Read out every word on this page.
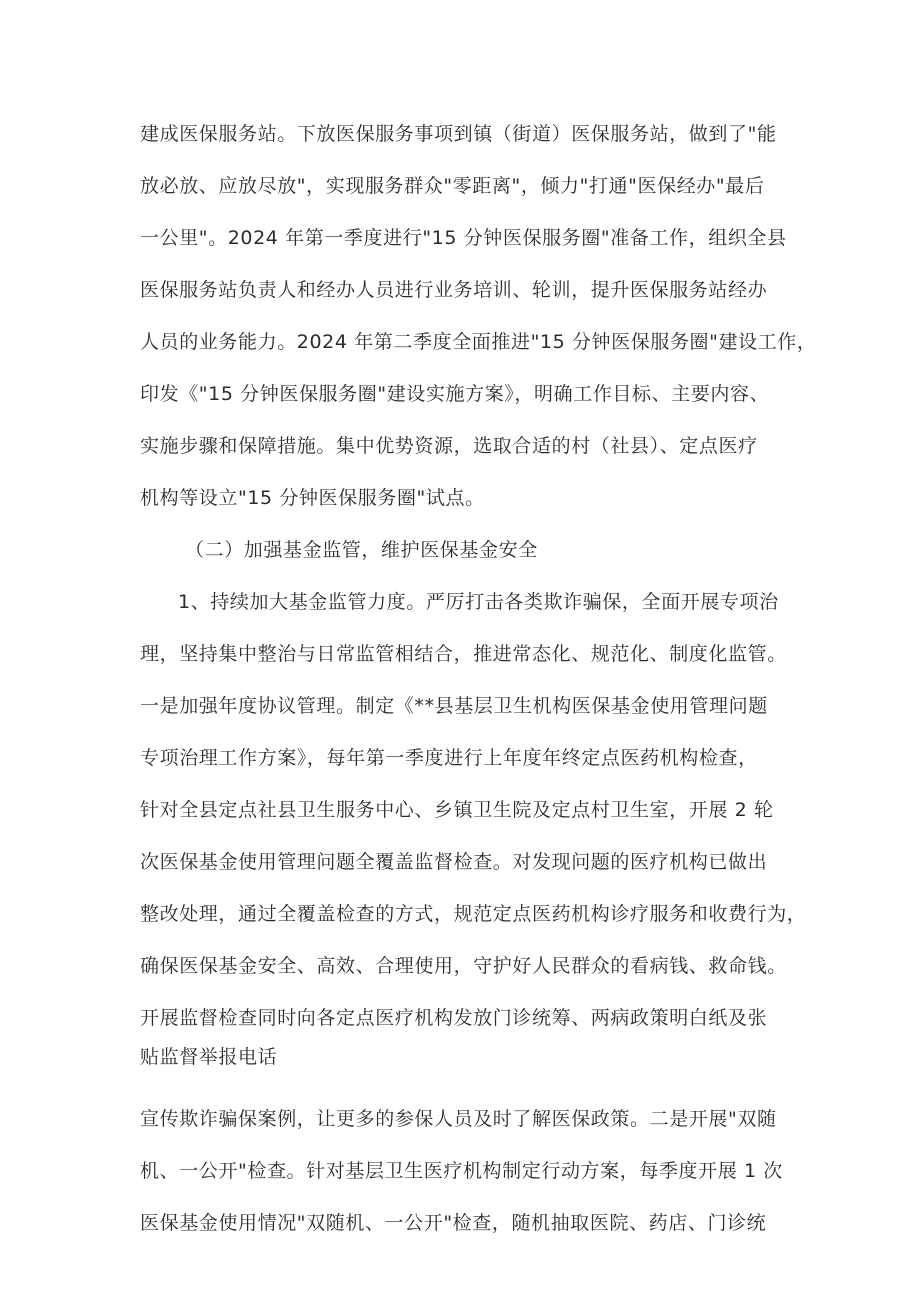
建成医保服务站。下放医保服务事项到镇（街道）医保服务站，做到了"能
放必放、应放尽放"，实现服务群众"零距离"，倾力"打通"医保经办"最后
一公里"。2024 年第一季度进行"15 分钟医保服务圈"准备工作，组织全县
医保服务站负责人和经办人员进行业务培训、轮训，提升医保服务站经办
人员的业务能力。2024 年第二季度全面推进"15 分钟医保服务圈"建设工作，
印发《"15 分钟医保服务圈"建设实施方案》，明确工作目标、主要内容、
实施步骤和保障措施。集中优势资源，选取合适的村（社县）、定点医疗
机构等设立"15 分钟医保服务圈"试点。
（二）加强基金监管，维护医保基金安全
1、持续加大基金监管力度。严厉打击各类欺诈骗保，全面开展专项治
理，坚持集中整治与日常监管相结合，推进常态化、规范化、制度化监管。
一是加强年度协议管理。制定《**县基层卫生机构医保基金使用管理问题
专项治理工作方案》，每年第一季度进行上年度年终定点医药机构检查，
针对全县定点社县卫生服务中心、乡镇卫生院及定点村卫生室，开展 2 轮
次医保基金使用管理问题全覆盖监督检查。对发现问题的医疗机构已做出
整改处理，通过全覆盖检查的方式，规范定点医药机构诊疗服务和收费行为，
确保医保基金安全、高效、合理使用，守护好人民群众的看病钱、救命钱。
开展监督检查同时向各定点医疗机构发放门诊统筹、两病政策明白纸及张
贴监督举报电话
宣传欺诈骗保案例，让更多的参保人员及时了解医保政策。二是开展"双随
机、一公开"检查。针对基层卫生医疗机构制定行动方案，每季度开展 1 次
医保基金使用情况"双随机、一公开"检查，随机抽取医院、药店、门诊统
